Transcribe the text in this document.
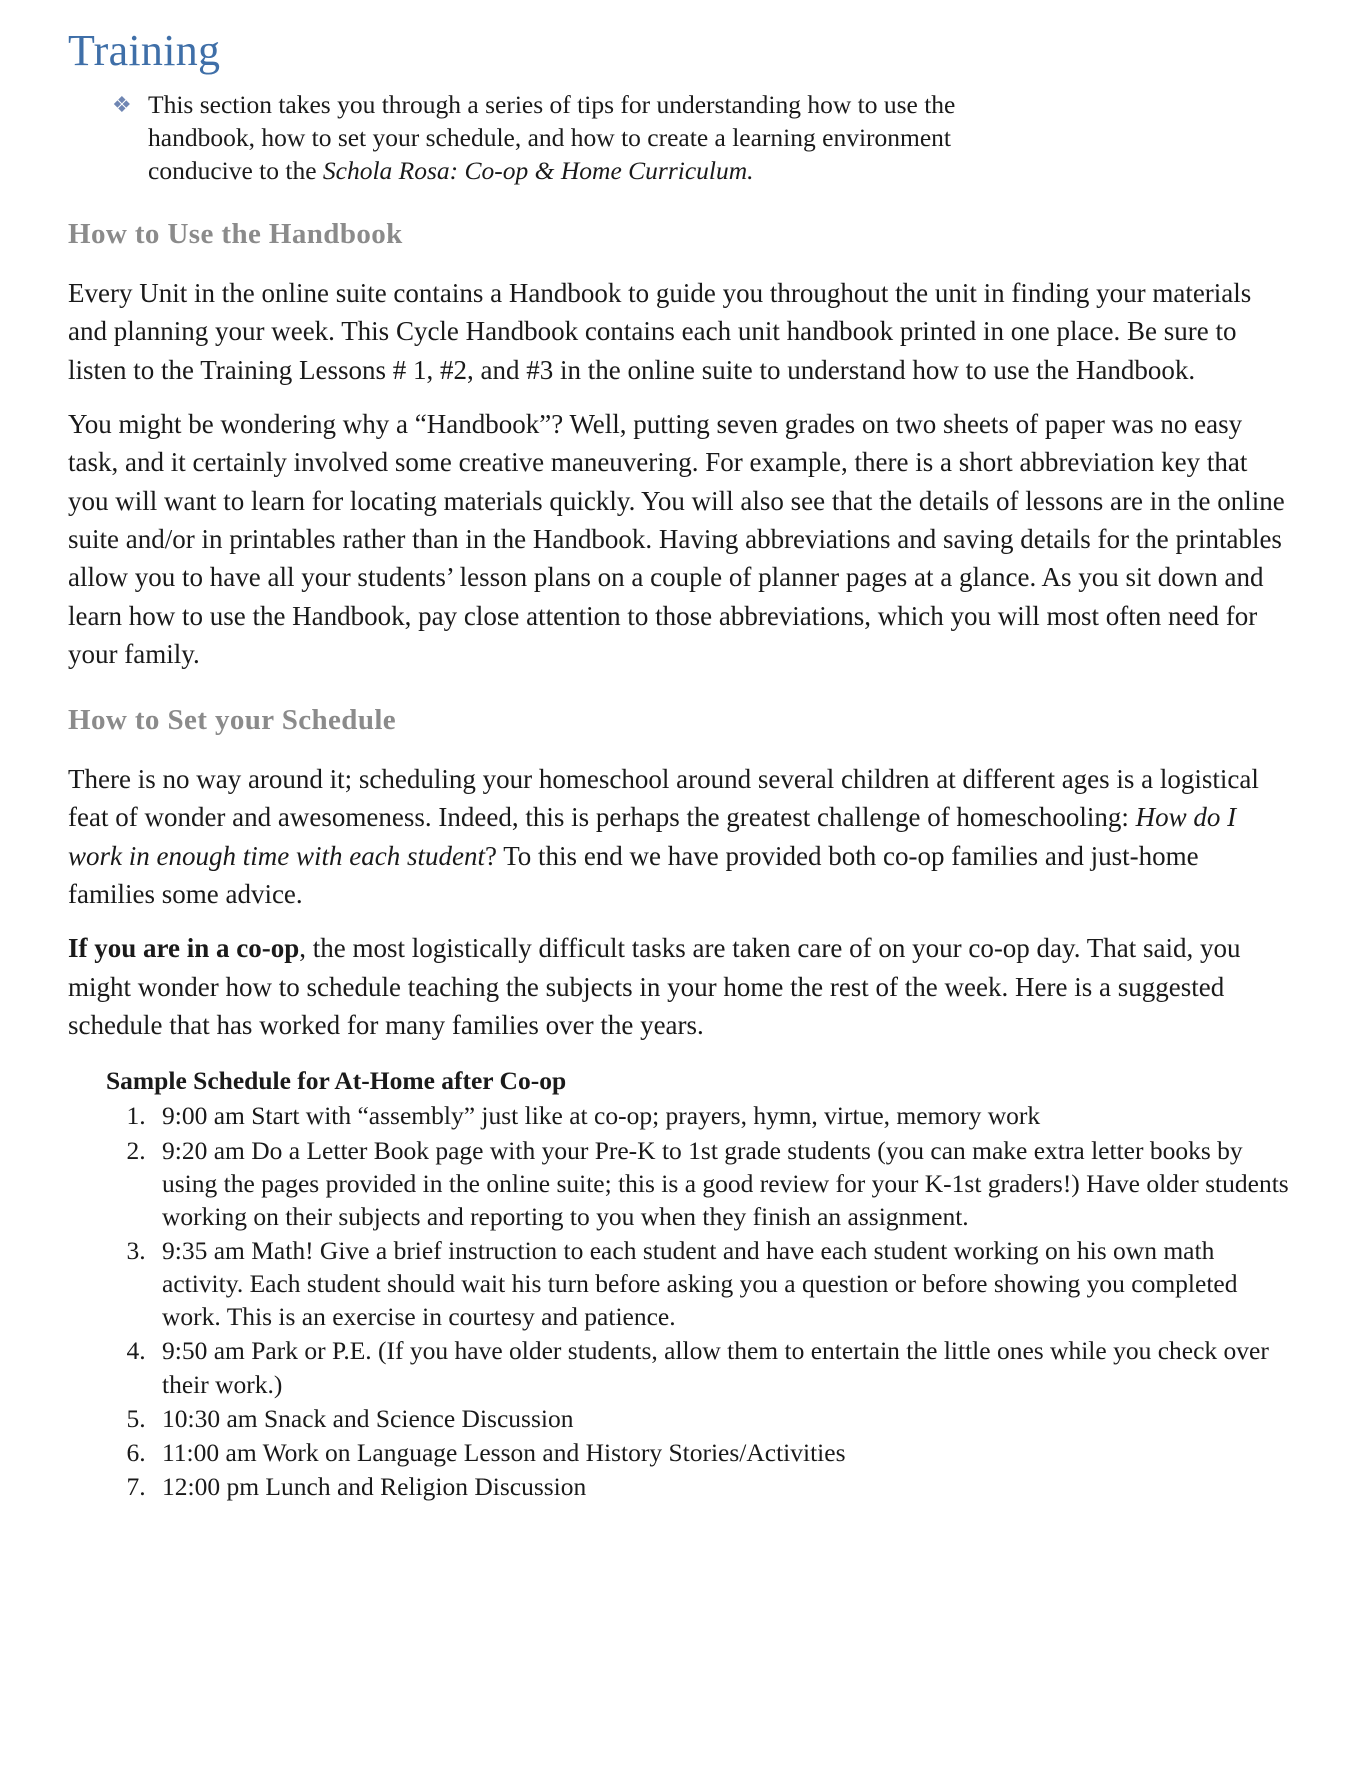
Training
❖ This section takes you through a series of tips for understanding how to use the handbook, how to set your schedule, and how to create a learning environment conducive to the Schola Rosa: Co-op & Home Curriculum.
How to Use the Handbook

Every Unit in the online suite contains a Handbook to guide you throughout the unit in finding your materials and planning your week. This Cycle Handbook contains each unit handbook printed in one place. Be sure to listen to the Training Lessons # 1, #2, and #3 in the online suite to understand how to use the Handbook.

You might be wondering why a “Handbook”? Well, putting seven grades on two sheets of paper was no easy task, and it certainly involved some creative maneuvering. For example, there is a short abbreviation key that you will want to learn for locating materials quickly. You will also see that the details of lessons are in the online suite and/or in printables rather than in the Handbook. Having abbreviations and saving details for the printables allow you to have all your students’ lesson plans on a couple of planner pages at a glance. As you sit down and learn how to use the Handbook, pay close attention to those abbreviations, which you will most often need for your family.

How to Set your Schedule

There is no way around it; scheduling your homeschool around several children at different ages is a logistical feat of wonder and awesomeness. Indeed, this is perhaps the greatest challenge of homeschooling: How do I work in enough time with each student? To this end we have provided both co-op families and just-home families some advice.

If you are in a co-op, the most logistically difficult tasks are taken care of on your co-op day. That said, you might wonder how to schedule teaching the subjects in your home the rest of the week. Here is a suggested schedule that has worked for many families over the years.

Sample Schedule for At-Home after Co-op
1. 9:00 am Start with “assembly” just like at co-op; prayers, hymn, virtue, memory work
2. 9:20 am Do a Letter Book page with your Pre-K to 1st grade students (you can make extra letter books by using the pages provided in the online suite; this is a good review for your K-1st graders!) Have older students working on their subjects and reporting to you when they finish an assignment.
3. 9:35 am Math! Give a brief instruction to each student and have each student working on his own math activity. Each student should wait his turn before asking you a question or before showing you completed work. This is an exercise in courtesy and patience.
4. 9:50 am Park or P.E. (If you have older students, allow them to entertain the little ones while you check over their work.)
5. 10:30 am Snack and Science Discussion
6. 11:00 am Work on Language Lesson and History Stories/Activities
7. 12:00 pm Lunch and Religion Discussion
